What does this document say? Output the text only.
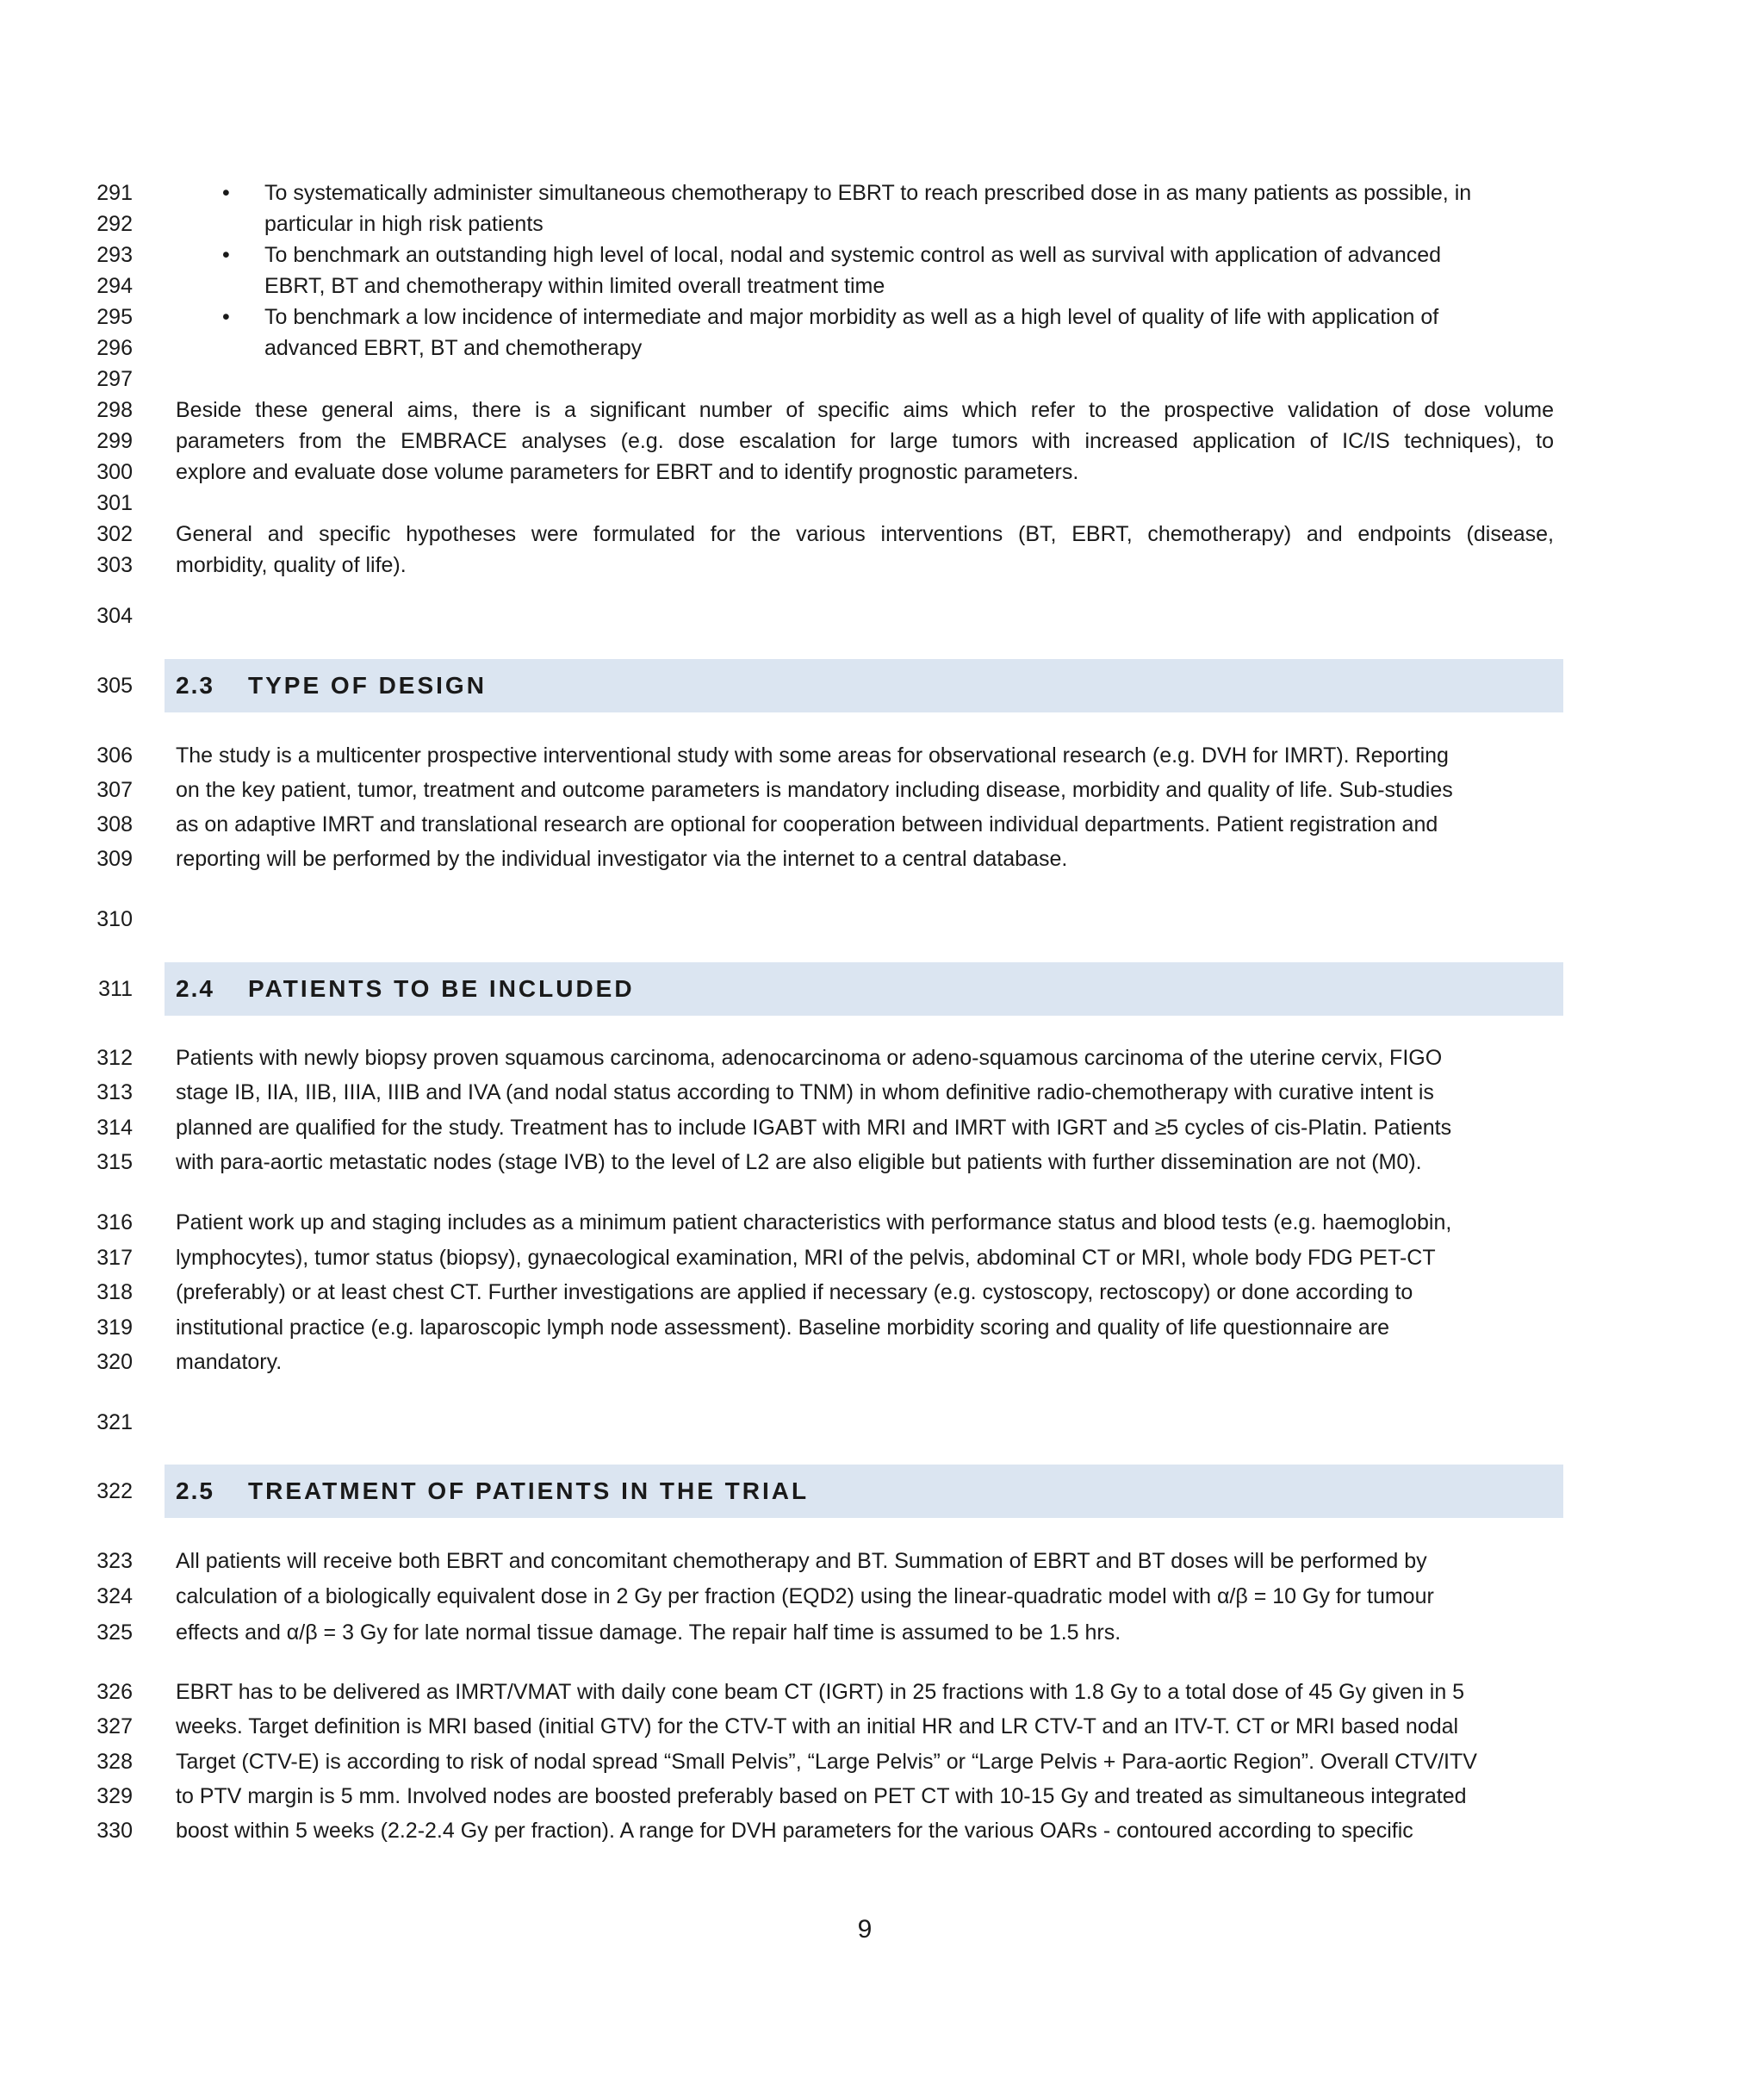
291
292
293
294
295
296
297
298
299
300
301
302
303
304
305
306
307
308
309
310
311
312
313
314
315
316
317
318
319
320
321
322
323
324
325
326
327
328
329
330
• To systematically administer simultaneous chemotherapy to EBRT to reach prescribed dose in as many patients as possible, in
particular in high risk patients
• To benchmark an outstanding high level of local, nodal and systemic control as well as survival with application of advanced
EBRT, BT and chemotherapy within limited overall treatment time
• To benchmark a low incidence of intermediate and major morbidity as well as a high level of quality of life with application of
advanced EBRT, BT and chemotherapy
Beside these general aims, there is a significant number of specific aims which refer to the prospective validation of dose volume
parameters from the EMBRACE analyses (e.g. dose escalation for large tumors with increased application of IC/IS techniques), to
explore and evaluate dose volume parameters for EBRT and to identify prognostic parameters.
General and specific hypotheses were formulated for the various interventions (BT, EBRT, chemotherapy) and endpoints (disease,
morbidity, quality of life).
2.3 TYPE OF DESIGN
The study is a multicenter prospective interventional study with some areas for observational research (e.g. DVH for IMRT). Reporting
on the key patient, tumor, treatment and outcome parameters is mandatory including disease, morbidity and quality of life. Sub-studies
as on adaptive IMRT and translational research are optional for cooperation between individual departments. Patient registration and
reporting will be performed by the individual investigator via the internet to a central database.
2.4 PATIENTS TO BE INCLUDED
Patients with newly biopsy proven squamous carcinoma, adenocarcinoma or adeno-squamous carcinoma of the uterine cervix, FIGO
stage IB, IIA, IIB, IIIA, IIIB and IVA (and nodal status according to TNM) in whom definitive radio-chemotherapy with curative intent is
planned are qualified for the study. Treatment has to include IGABT with MRI and IMRT with IGRT and ≥5 cycles of cis-Platin. Patients
with para-aortic metastatic nodes (stage IVB) to the level of L2 are also eligible but patients with further dissemination are not (M0).
Patient work up and staging includes as a minimum patient characteristics with performance status and blood tests (e.g. haemoglobin,
lymphocytes), tumor status (biopsy), gynaecological examination, MRI of the pelvis, abdominal CT or MRI, whole body FDG PET-CT
(preferably) or at least chest CT. Further investigations are applied if necessary (e.g. cystoscopy, rectoscopy) or done according to
institutional practice (e.g. laparoscopic lymph node assessment). Baseline morbidity scoring and quality of life questionnaire are
mandatory.
2.5 TREATMENT OF PATIENTS IN THE TRIAL
All patients will receive both EBRT and concomitant chemotherapy and BT. Summation of EBRT and BT doses will be performed by
calculation of a biologically equivalent dose in 2 Gy per fraction (EQD2) using the linear-quadratic model with α/β = 10 Gy for tumour
effects and α/β = 3 Gy for late normal tissue damage. The repair half time is assumed to be 1.5 hrs.
EBRT has to be delivered as IMRT/VMAT with daily cone beam CT (IGRT) in 25 fractions with 1.8 Gy to a total dose of 45 Gy given in 5
weeks. Target definition is MRI based (initial GTV) for the CTV-T with an initial HR and LR CTV-T and an ITV-T. CT or MRI based nodal
Target (CTV-E) is according to risk of nodal spread “Small Pelvis”, “Large Pelvis” or “Large Pelvis + Para-aortic Region”. Overall CTV/ITV
to PTV margin is 5 mm. Involved nodes are boosted preferably based on PET CT with 10-15 Gy and treated as simultaneous integrated
boost within 5 weeks (2.2-2.4 Gy per fraction). A range for DVH parameters for the various OARs - contoured according to specific
9
